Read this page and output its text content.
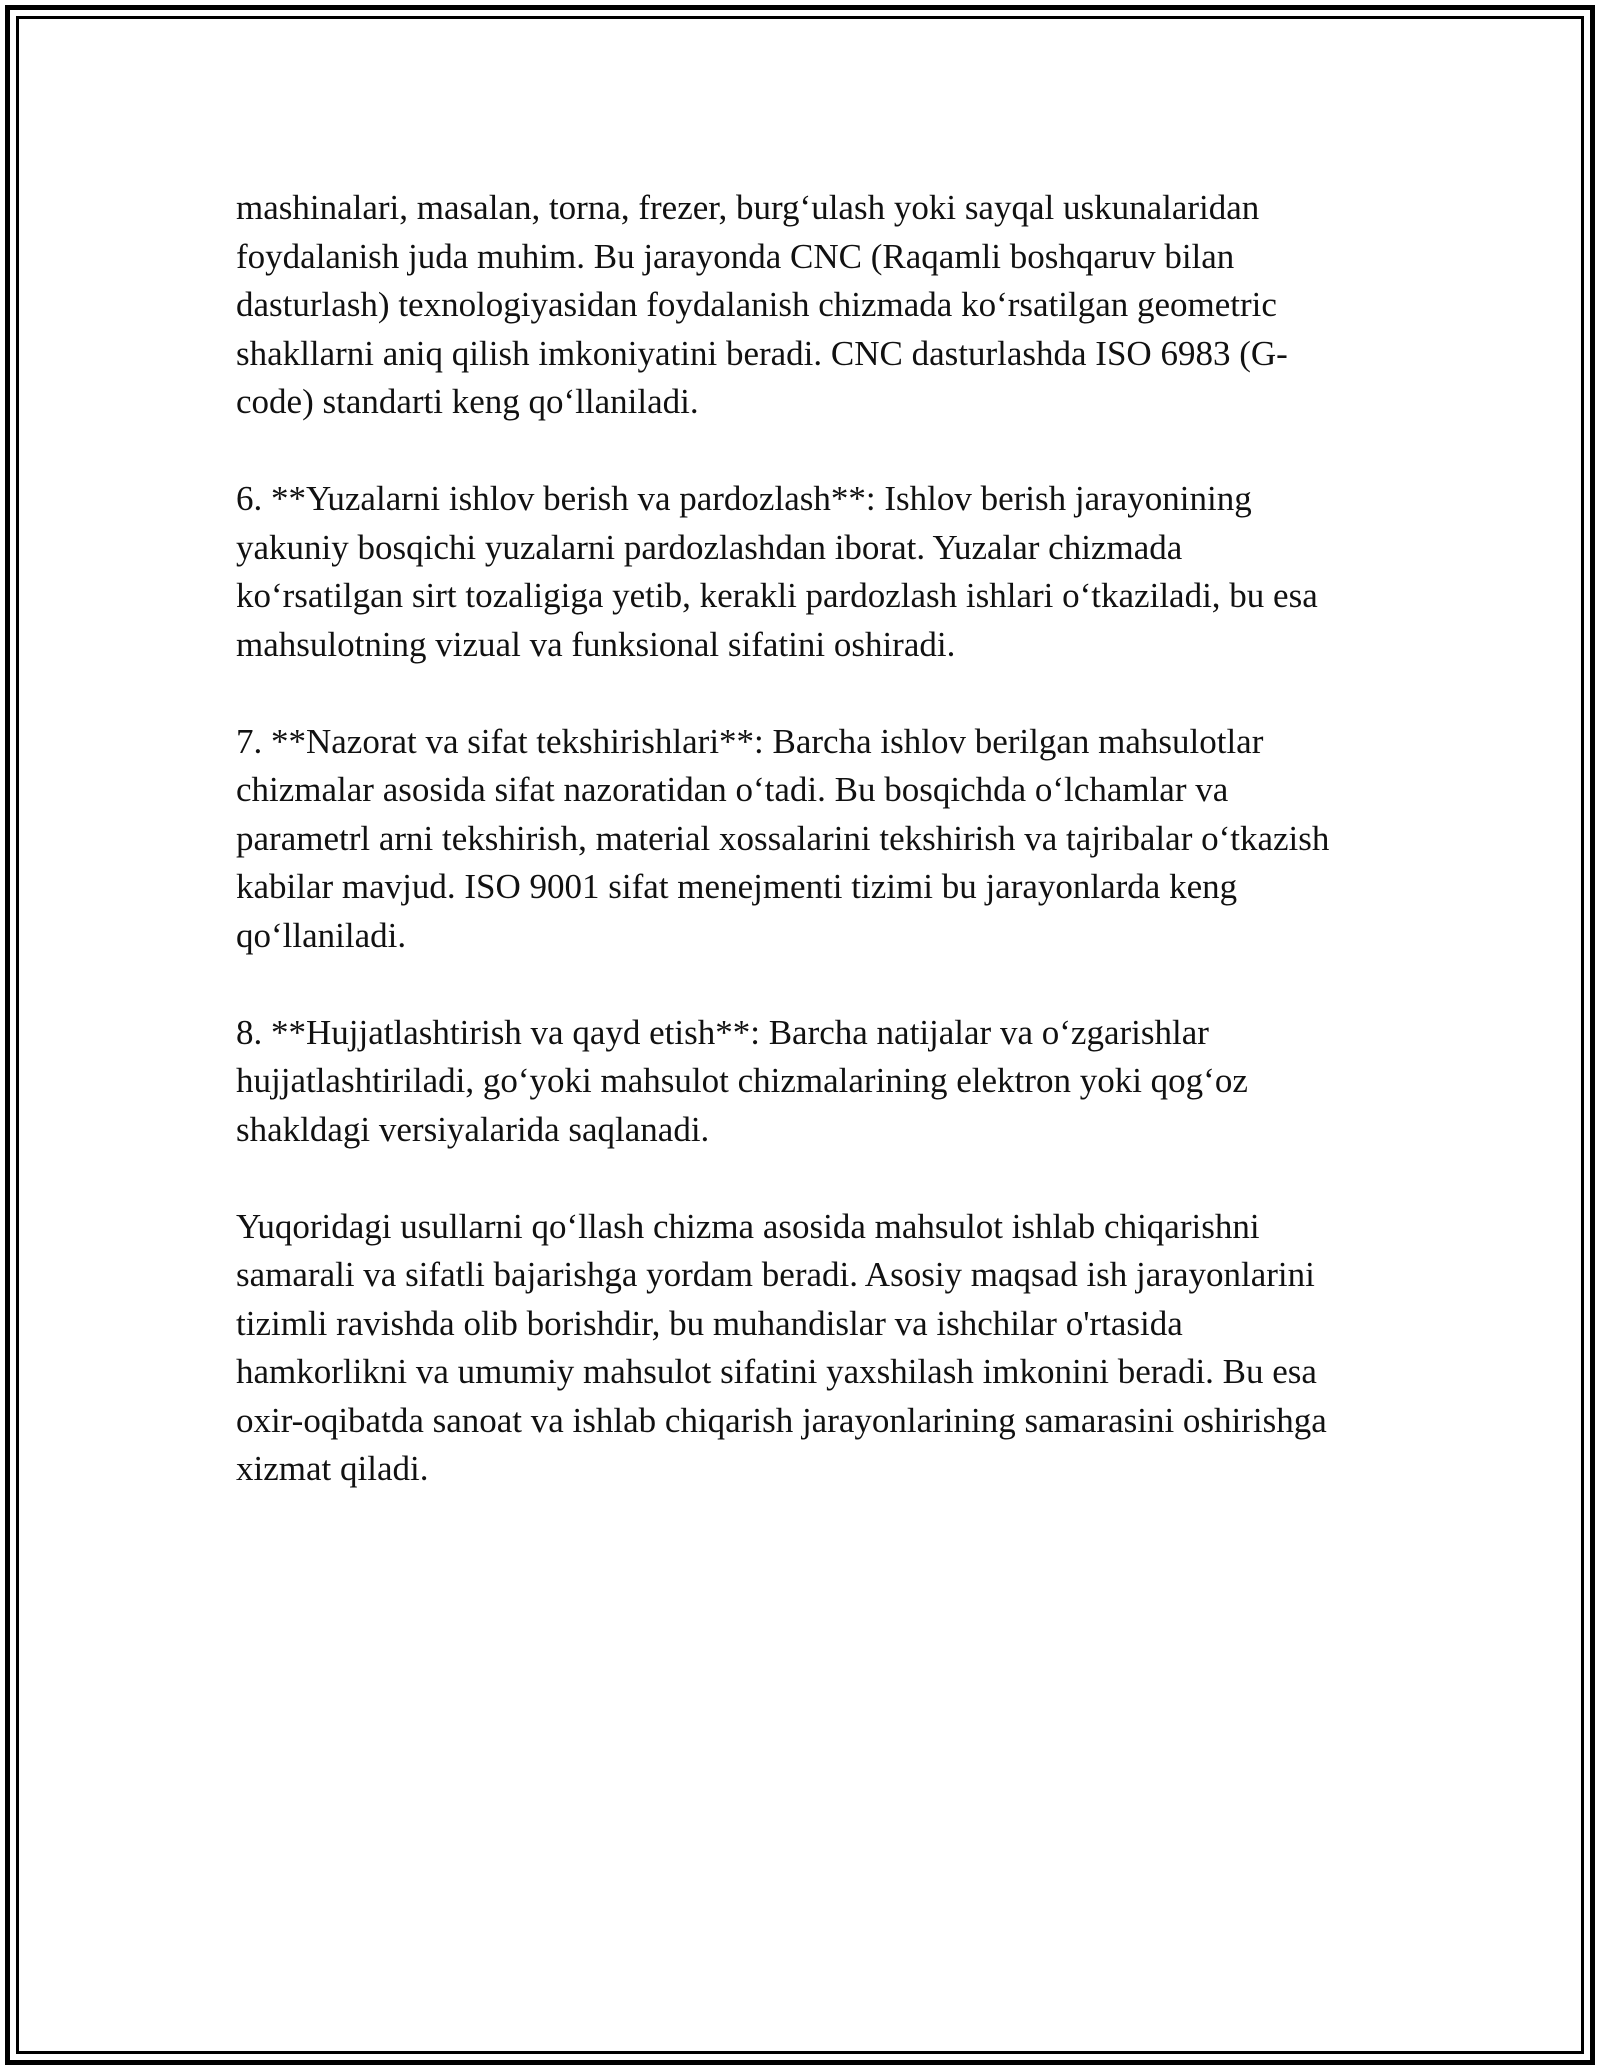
mashinalari, masalan, torna, frezer, burg‘ulash yoki sayqal uskunalaridan foydalanish juda muhim. Bu jarayonda CNC (Raqamli boshqaruv bilan dasturlash) texnologiyasidan foydalanish chizmada ko‘rsatilgan geometric shakllarni aniq qilish imkoniyatini beradi. CNC dasturlashda ISO 6983 (G-code) standarti keng qo‘llaniladi.

6. **Yuzalarni ishlov berish va pardozlash**: Ishlov berish jarayonining yakuniy bosqichi yuzalarni pardozlashdan iborat. Yuzalar chizmada ko‘rsatilgan sirt tozaligiga yetib, kerakli pardozlash ishlari o‘tkaziladi, bu esa mahsulotning vizual va funksional sifatini oshiradi.

7. **Nazorat va sifat tekshirishlari**: Barcha ishlov berilgan mahsulotlar chizmalar asosida sifat nazoratidan o‘tadi. Bu bosqichda o‘lchamlar va parametrl arni tekshirish, material xossalarini tekshirish va tajribalar o‘tkazish kabilar mavjud. ISO 9001 sifat menejmenti tizimi bu jarayonlarda keng qo‘llaniladi.

8. **Hujjatlashtirish va qayd etish**: Barcha natijalar va o‘zgarishlar hujjatlashtiriladi, go‘yoki mahsulot chizmalarining elektron yoki qog‘oz shakldagi versiyalarida saqlanadi.

Yuqoridagi usullarni qo‘llash chizma asosida mahsulot ishlab chiqarishni samarali va sifatli bajarishga yordam beradi. Asosiy maqsad ish jarayonlarini tizimli ravishda olib borishdir, bu muhandislar va ishchilar o'rtasida hamkorlikni va umumiy mahsulot sifatini yaxshilash imkonini beradi. Bu esa oxir-oqibatda sanoat va ishlab chiqarish jarayonlarining samarasini oshirishga xizmat qiladi.
